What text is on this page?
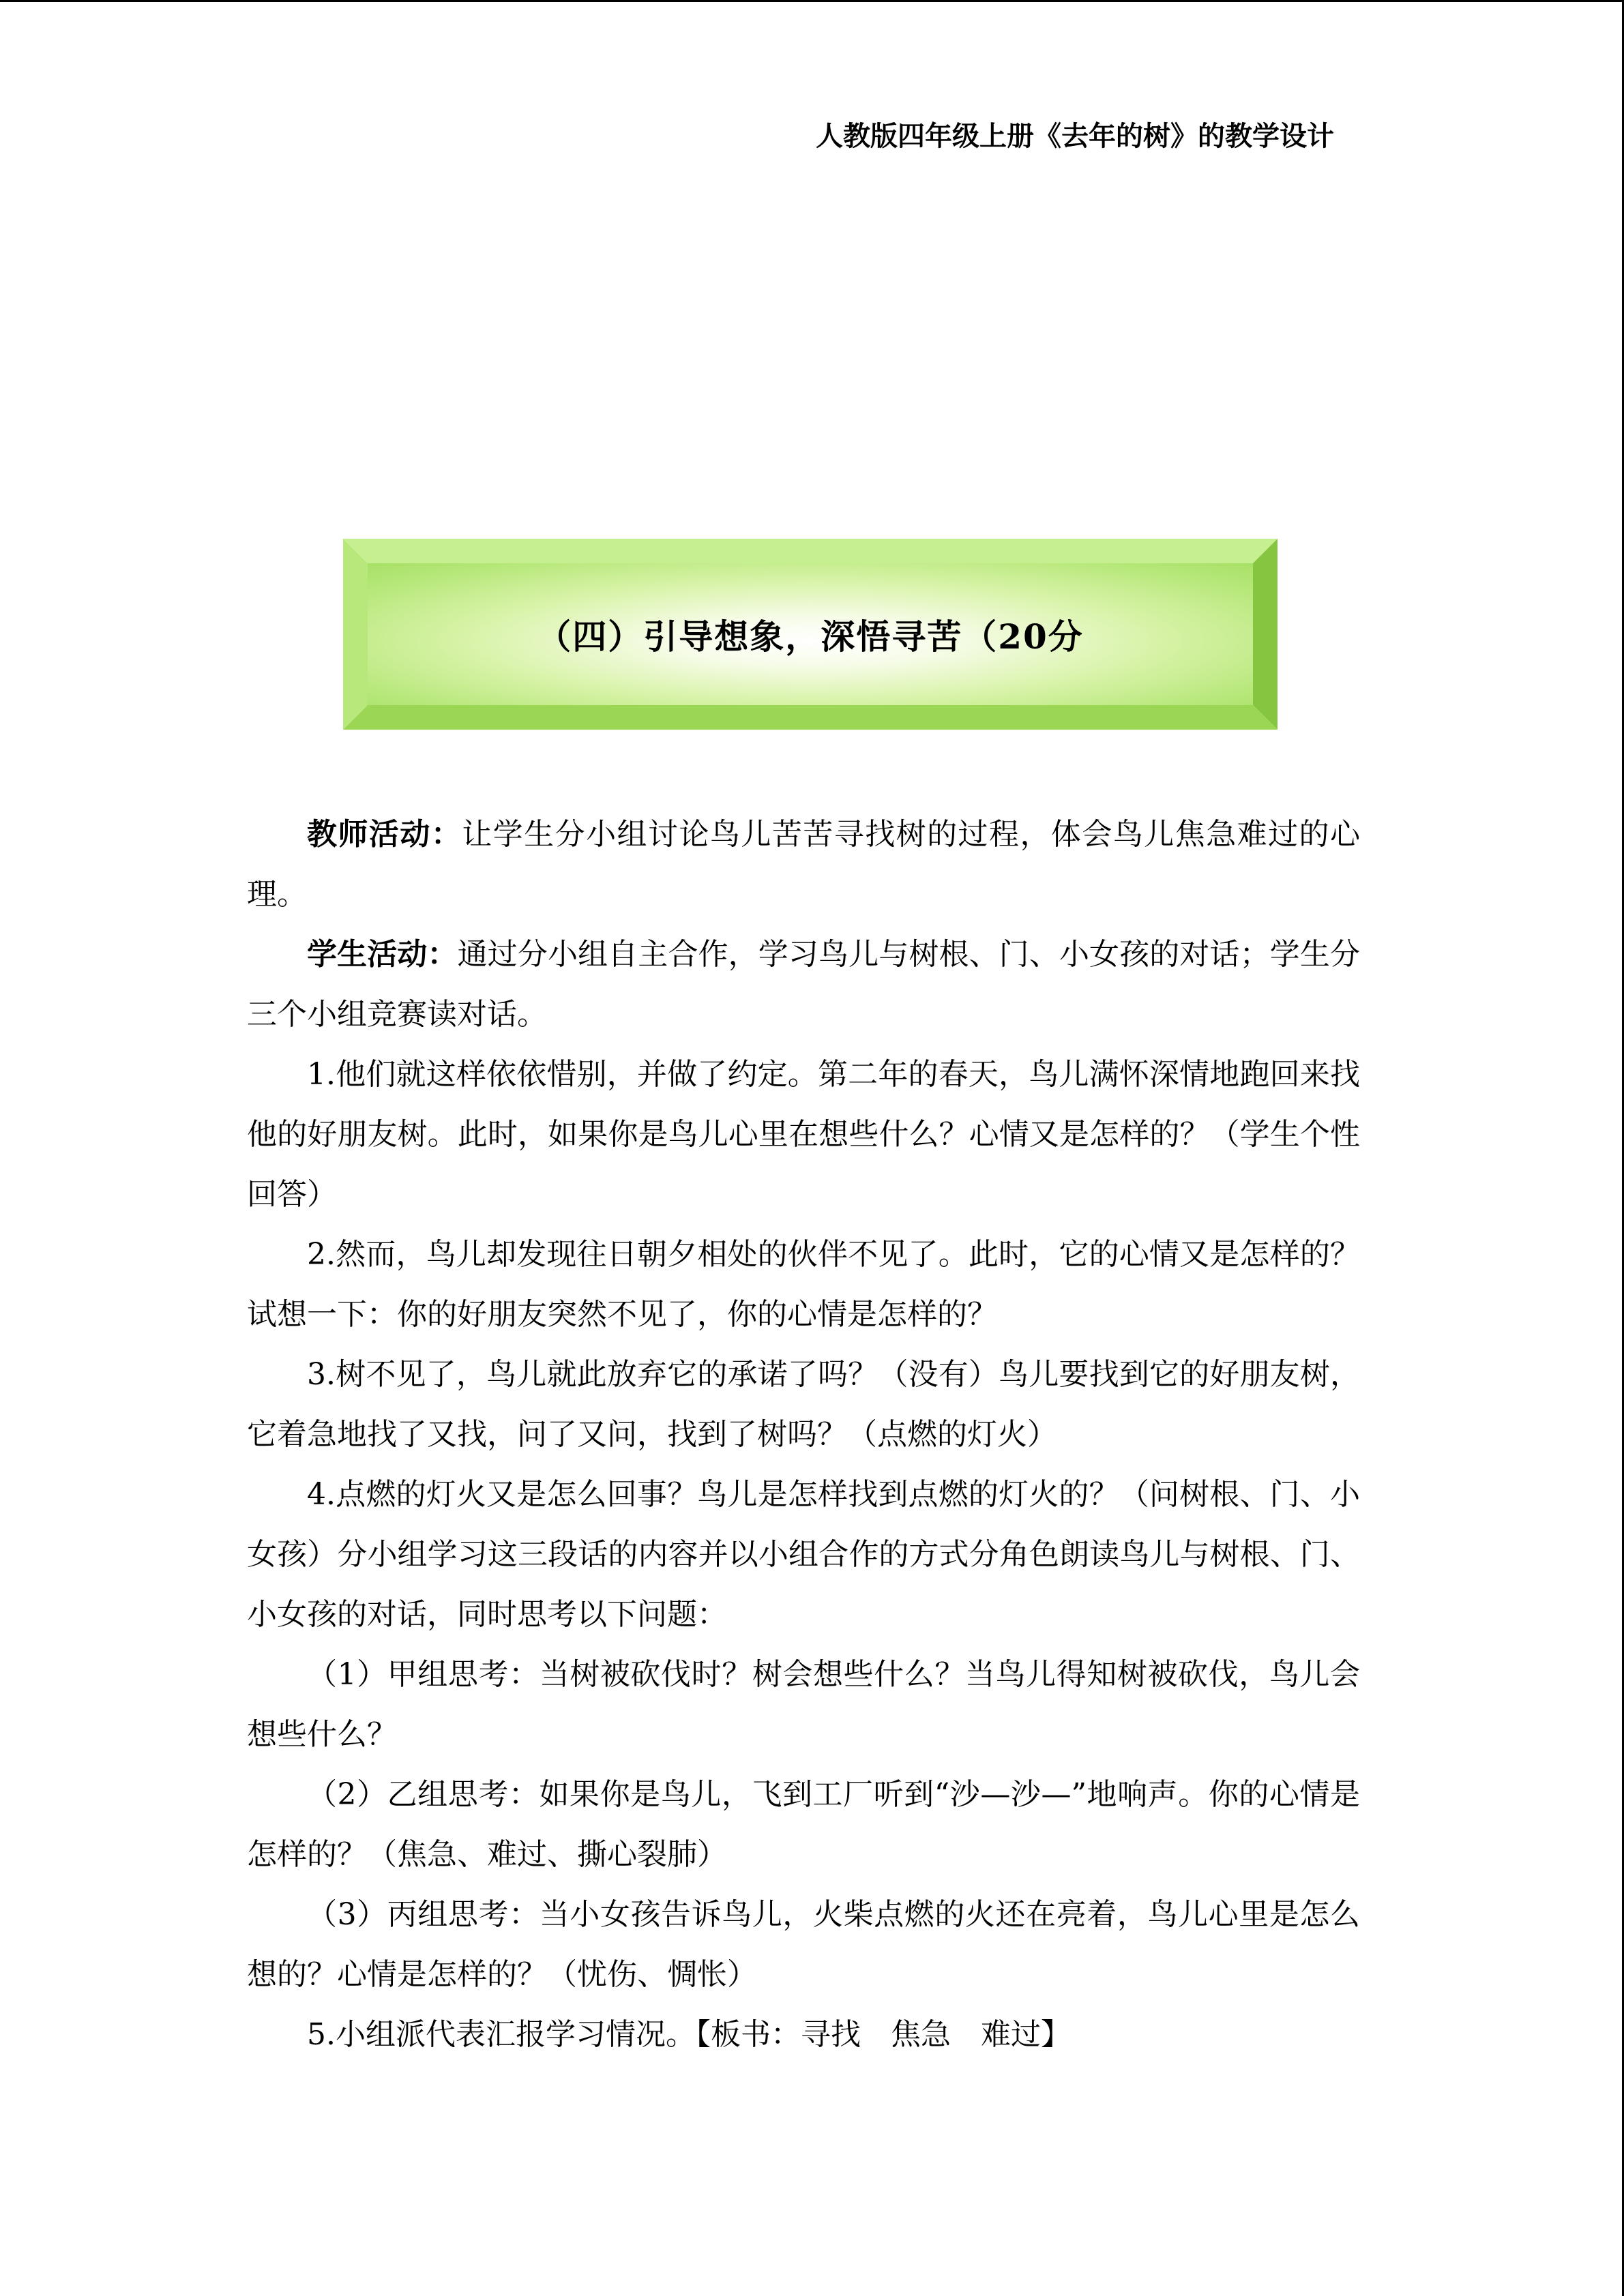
人教版四年级上册《去年的树》的教学设计
（四）引导想象，深悟寻苦（20分

教师活动：让学生分小组讨论鸟儿苦苦寻找树的过程，体会鸟儿焦急难过的心理。

学生活动：通过分小组自主合作，学习鸟儿与树根、门、小女孩的对话；学生分三个小组竞赛读对话。

1.他们就这样依依惜别，并做了约定。第二年的春天，鸟儿满怀深情地跑回来找他的好朋友树。此时，如果你是鸟儿心里在想些什么？心情又是怎样的？（学生个性回答）

2.然而，鸟儿却发现往日朝夕相处的伙伴不见了。此时，它的心情又是怎样的？试想一下：你的好朋友突然不见了，你的心情是怎样的？

3.树不见了，鸟儿就此放弃它的承诺了吗？（没有）鸟儿要找到它的好朋友树，它着急地找了又找，问了又问，找到了树吗？（点燃的灯火）

4.点燃的灯火又是怎么回事？鸟儿是怎样找到点燃的灯火的？（问树根、门、小女孩）分小组学习这三段话的内容并以小组合作的方式分角色朗读鸟儿与树根、门、小女孩的对话，同时思考以下问题：

（1）甲组思考：当树被砍伐时？树会想些什么？当鸟儿得知树被砍伐，鸟儿会想些什么？

（2）乙组思考：如果你是鸟儿，飞到工厂听到“沙—沙—”地响声。你的心情是怎样的？（焦急、难过、撕心裂肺）

（3）丙组思考：当小女孩告诉鸟儿，火柴点燃的火还在亮着，鸟儿心里是怎么想的？心情是怎样的？（忧伤、惆怅）

5.小组派代表汇报学习情况。【板书：寻找　焦急　难过】
